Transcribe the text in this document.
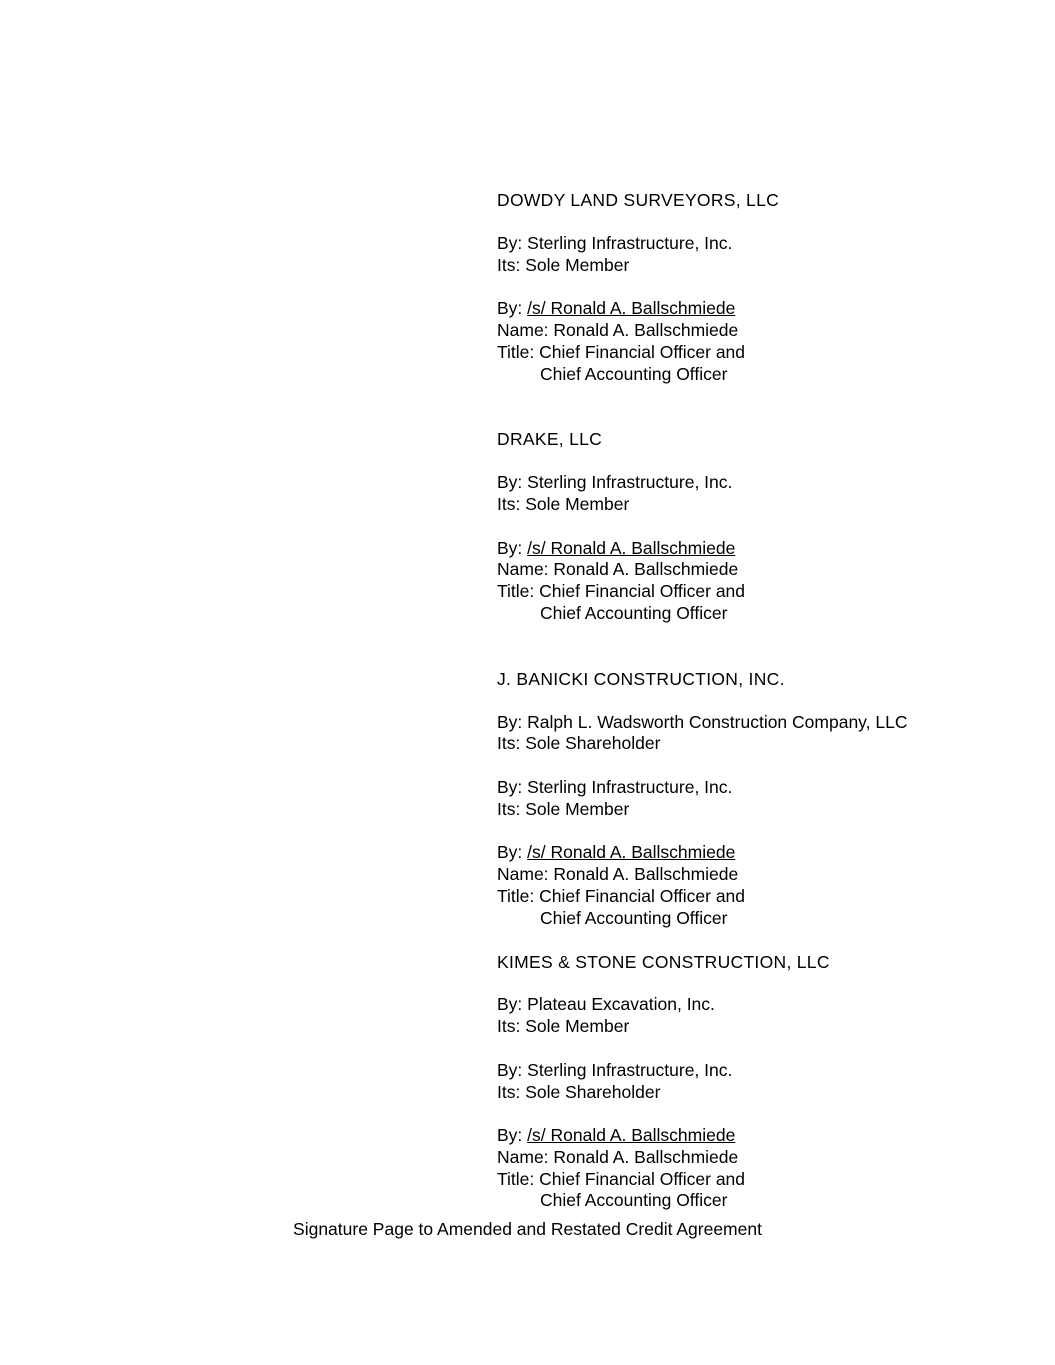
DOWDY LAND SURVEYORS, LLC
By: Sterling Infrastructure, Inc.
Its: Sole Member
By: /s/ Ronald A. Ballschmiede
Name: Ronald A. Ballschmiede
Title: Chief Financial Officer and
Chief Accounting Officer
DRAKE, LLC
By: Sterling Infrastructure, Inc.
Its: Sole Member
By: /s/ Ronald A. Ballschmiede
Name: Ronald A. Ballschmiede
Title: Chief Financial Officer and
Chief Accounting Officer
J. BANICKI CONSTRUCTION, INC.
By: Ralph L. Wadsworth Construction Company, LLC
Its: Sole Shareholder
By: Sterling Infrastructure, Inc.
Its: Sole Member
By: /s/ Ronald A. Ballschmiede
Name: Ronald A. Ballschmiede
Title: Chief Financial Officer and
Chief Accounting Officer
KIMES & STONE CONSTRUCTION, LLC
By: Plateau Excavation, Inc.
Its: Sole Member
By: Sterling Infrastructure, Inc.
Its: Sole Shareholder
By: /s/ Ronald A. Ballschmiede
Name: Ronald A. Ballschmiede
Title: Chief Financial Officer and
Chief Accounting Officer
Signature Page to Amended and Restated Credit Agreement
